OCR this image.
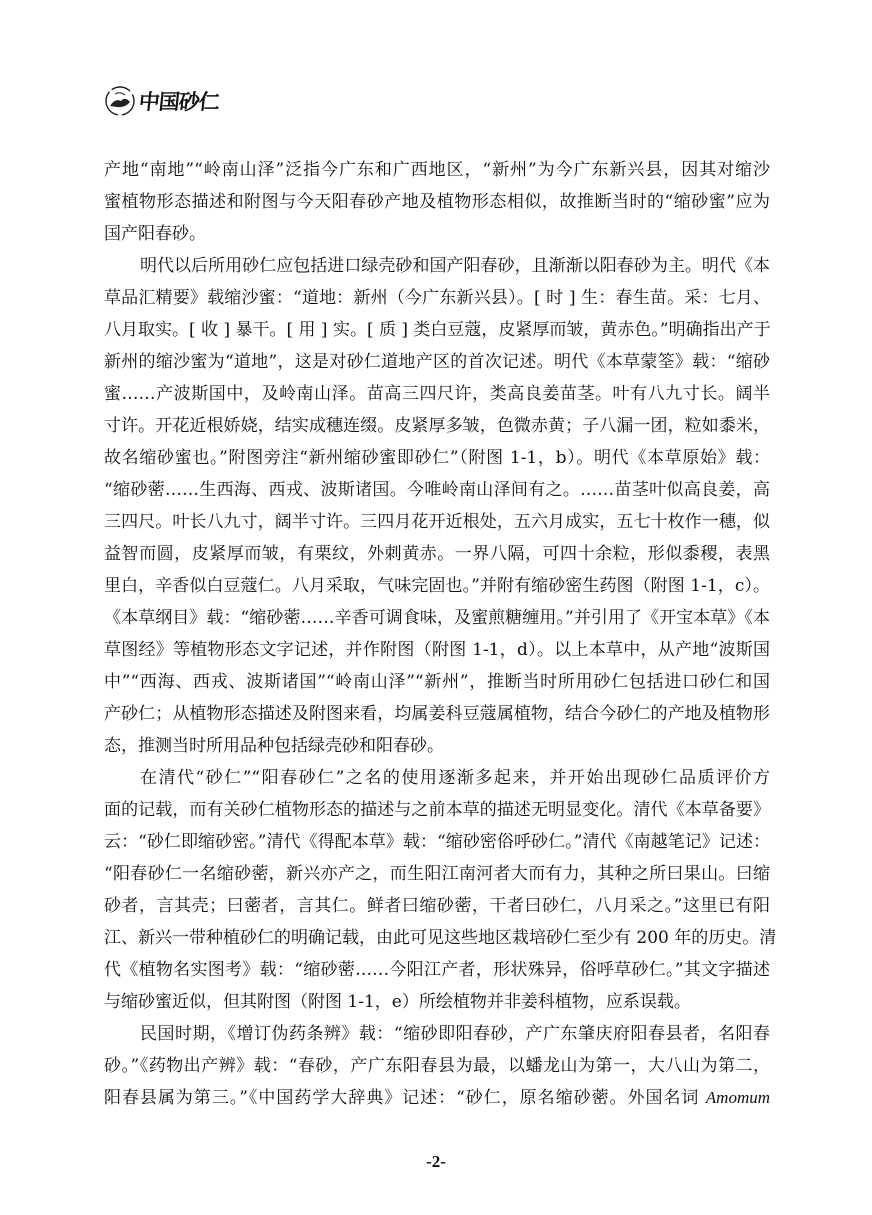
中国砂仁
产地“南地”“岭南山泽”泛指今广东和广西地区，“新州”为今广东新兴县，因其对缩沙
蜜植物形态描述和附图与今天阳春砂产地及植物形态相似，故推断当时的“缩砂蜜”应为
国产阳春砂。
明代以后所用砂仁应包括进口绿壳砂和国产阳春砂，且渐渐以阳春砂为主。明代《本
草品汇精要》载缩沙蜜：“道地：新州（今广东新兴县）。[ 时 ] 生：春生苗。采：七月、
八月取实。[ 收 ] 暴干。[ 用 ] 实。[ 质 ] 类白豆蔻，皮紧厚而皱，黄赤色。”明确指出产于
新州的缩沙蜜为“道地”，这是对砂仁道地产区的首次记述。明代《本草蒙筌》载：“缩砂
蜜……产波斯国中，及岭南山泽。苗高三四尺许，类高良姜苗茎。叶有八九寸长。阔半
寸许。开花近根娇娆，结实成穗连缀。皮紧厚多皱，色微赤黄；子八漏一团，粒如黍米，
故名缩砂蜜也。”附图旁注“新州缩砂蜜即砂仁”（附图 1-1，b）。明代《本草原始》载：
“缩砂蔤……生西海、西戎、波斯诸国。今唯岭南山泽间有之。……苗茎叶似高良姜，高
三四尺。叶长八九寸，阔半寸许。三四月花开近根处，五六月成实，五七十枚作一穗，似
益智而圆，皮紧厚而皱，有栗纹，外刺黄赤。一界八隔，可四十余粒，形似黍稷，表黑
里白，辛香似白豆蔻仁。八月采取，气味完固也。”并附有缩砂密生药图（附图 1-1，c）。
《本草纲目》载：“缩砂蔤……辛香可调食味，及蜜煎糖缠用。”并引用了《开宝本草》《本
草图经》等植物形态文字记述，并作附图（附图 1-1，d）。以上本草中，从产地“波斯国
中”“西海、西戎、波斯诸国”“岭南山泽”“新州”，推断当时所用砂仁包括进口砂仁和国
产砂仁；从植物形态描述及附图来看，均属姜科豆蔻属植物，结合今砂仁的产地及植物形
态，推测当时所用品种包括绿壳砂和阳春砂。
在清代“砂仁”“阳春砂仁”之名的使用逐渐多起来，并开始出现砂仁品质评价方
面的记载，而有关砂仁植物形态的描述与之前本草的描述无明显变化。清代《本草备要》
云：“砂仁即缩砂密。”清代《得配本草》载：“缩砂密俗呼砂仁。”清代《南越笔记》记述：
“阳春砂仁一名缩砂蔤，新兴亦产之，而生阳江南河者大而有力，其种之所曰果山。曰缩
砂者，言其壳；曰蔤者，言其仁。鲜者曰缩砂蔤，干者曰砂仁，八月采之。”这里已有阳
江、新兴一带种植砂仁的明确记载，由此可见这些地区栽培砂仁至少有 200 年的历史。清
代《植物名实图考》载：“缩砂蔤……今阳江产者，形状殊异，俗呼草砂仁。”其文字描述
与缩砂蜜近似，但其附图（附图 1-1，e）所绘植物并非姜科植物，应系误载。
民国时期，《增订伪药条辨》载：“缩砂即阳春砂，产广东肇庆府阳春县者，名阳春
砂。”《药物出产辨》载：“春砂，产广东阳春县为最，以蟠龙山为第一，大八山为第二，
阳春县属为第三。”《中国药学大辞典》记述：“砂仁，原名缩砂蔤。外国名词 Amomum
-2-
